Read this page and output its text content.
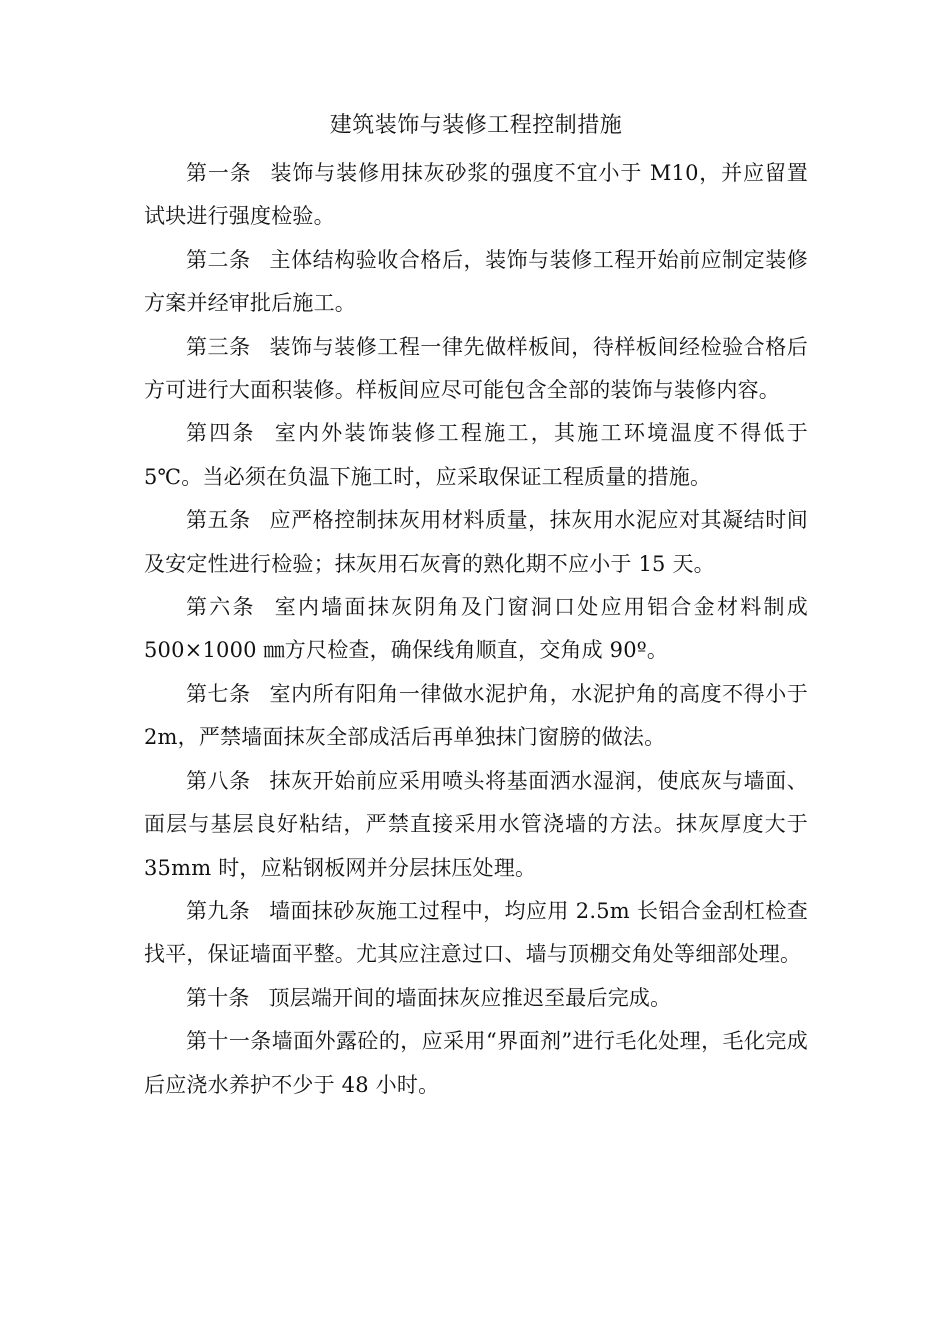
建筑装饰与装修工程控制措施

第一条 装饰与装修用抹灰砂浆的强度不宜小于 M10，并应留置试块进行强度检验。

第二条 主体结构验收合格后，装饰与装修工程开始前应制定装修方案并经审批后施工。

第三条 装饰与装修工程一律先做样板间，待样板间经检验合格后方可进行大面积装修。样板间应尽可能包含全部的装饰与装修内容。

第四条 室内外装饰装修工程施工，其施工环境温度不得低于 5℃。当必须在负温下施工时，应采取保证工程质量的措施。

第五条 应严格控制抹灰用材料质量，抹灰用水泥应对其凝结时间及安定性进行检验；抹灰用石灰膏的熟化期不应小于 15 天。

第六条 室内墙面抹灰阴角及门窗洞口处应用铝合金材料制成 500×1000 ㎜方尺检查，确保线角顺直，交角成 90º。

第七条 室内所有阳角一律做水泥护角，水泥护角的高度不得小于 2m，严禁墙面抹灰全部成活后再单独抹门窗膀的做法。

第八条 抹灰开始前应采用喷头将基面洒水湿润，使底灰与墙面、面层与基层良好粘结，严禁直接采用水管浇墙的方法。抹灰厚度大于 35mm 时，应粘钢板网并分层抹压处理。

第九条 墙面抹砂灰施工过程中，均应用 2.5m 长铝合金刮杠检查找平，保证墙面平整。尤其应注意过口、墙与顶棚交角处等细部处理。

第十条 顶层端开间的墙面抹灰应推迟至最后完成。

第十一条墙面外露砼的，应采用“界面剂”进行毛化处理，毛化完成后应浇水养护不少于 48 小时。
